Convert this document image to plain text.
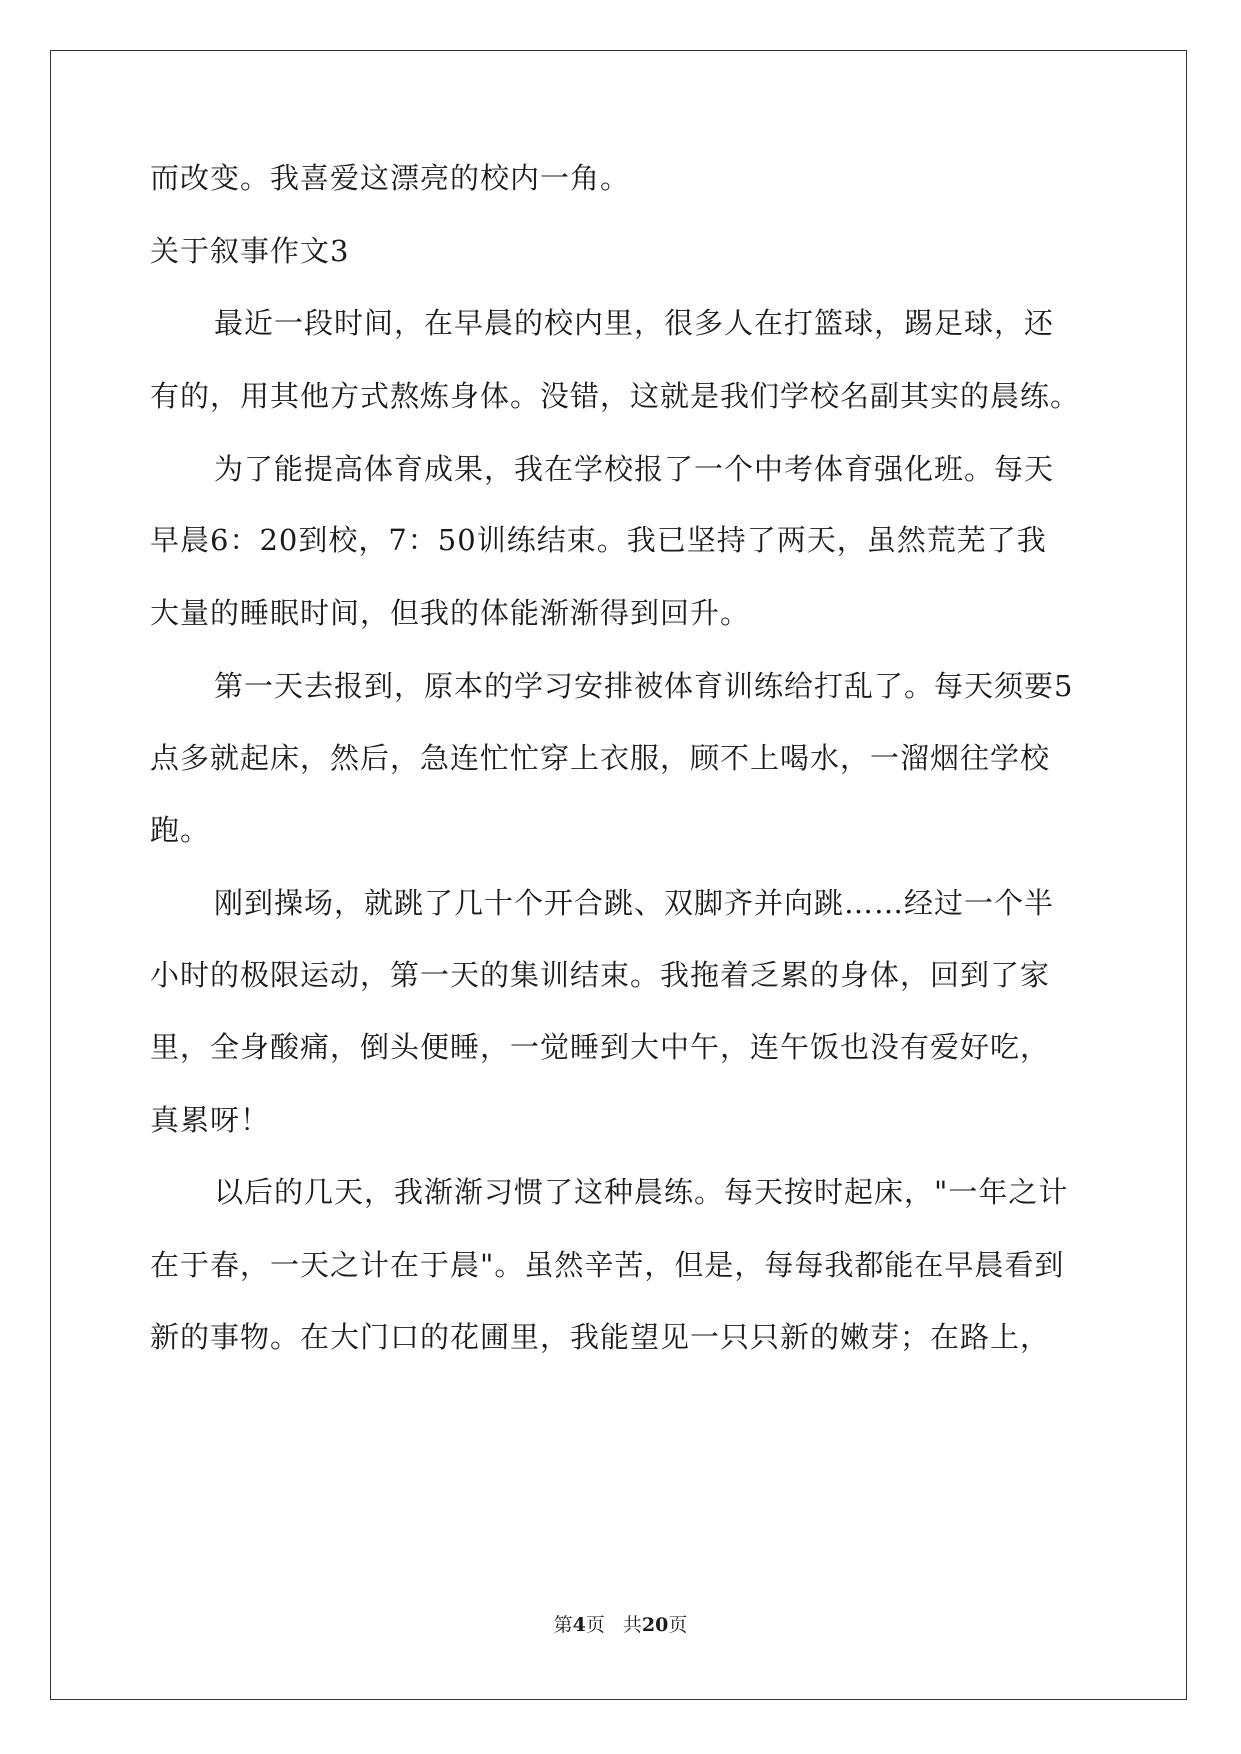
而改变。我喜爱这漂亮的校内一角。
关于叙事作文3
最近一段时间，在早晨的校内里，很多人在打篮球，踢足球，还
有的，用其他方式熬炼身体。没错，这就是我们学校名副其实的晨练。
为了能提高体育成果，我在学校报了一个中考体育强化班。每天
早晨6：20到校，7：50训练结束。我已坚持了两天，虽然荒芜了我
大量的睡眠时间，但我的体能渐渐得到回升。
第一天去报到，原本的学习安排被体育训练给打乱了。每天须要5
点多就起床，然后，急连忙忙穿上衣服，顾不上喝水，一溜烟往学校
跑。
刚到操场，就跳了几十个开合跳、双脚齐并向跳……经过一个半
小时的极限运动，第一天的集训结束。我拖着乏累的身体，回到了家
里，全身酸痛，倒头便睡，一觉睡到大中午，连午饭也没有爱好吃，
真累呀！
以后的几天，我渐渐习惯了这种晨练。每天按时起床，"一年之计
在于春，一天之计在于晨"。虽然辛苦，但是，每每我都能在早晨看到
新的事物。在大门口的花圃里，我能望见一只只新的嫩芽；在路上，
第4页 共20页
